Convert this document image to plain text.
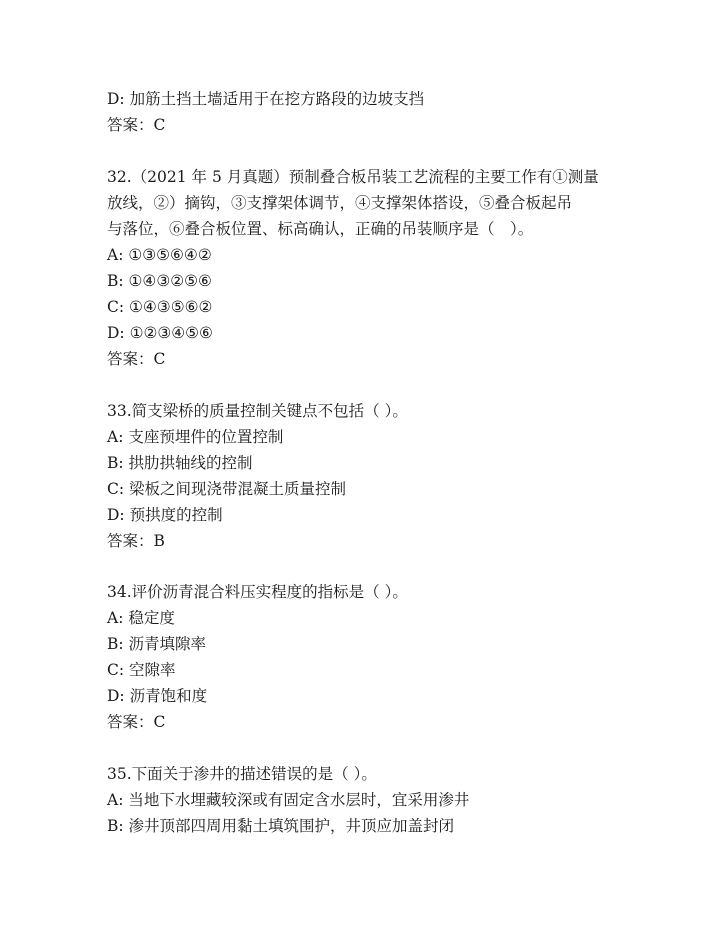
D: 加筋土挡土墙适用于在挖方路段的边坡支挡
答案：C
32.（2021 年 5 月真题）预制叠合板吊装工艺流程的主要工作有①测量
放线，②）摘钩，③支撑架体调节，④支撑架体搭设，⑤叠合板起吊
与落位，⑥叠合板位置、标高确认，正确的吊装顺序是（　）。
A: ①③⑤⑥④②
B: ①④③②⑤⑥
C: ①④③⑤⑥②
D: ①②③④⑤⑥
答案：C
33.简支梁桥的质量控制关键点不包括（ ）。
A: 支座预埋件的位置控制
B: 拱肋拱轴线的控制
C: 梁板之间现浇带混凝土质量控制
D: 预拱度的控制
答案：B
34.评价沥青混合料压实程度的指标是（ ）。
A: 稳定度
B: 沥青填隙率
C: 空隙率
D: 沥青饱和度
答案：C
35.下面关于渗井的描述错误的是（ ）。
A: 当地下水埋藏较深或有固定含水层时，宜采用渗井
B: 渗井顶部四周用黏土填筑围护，井顶应加盖封闭
